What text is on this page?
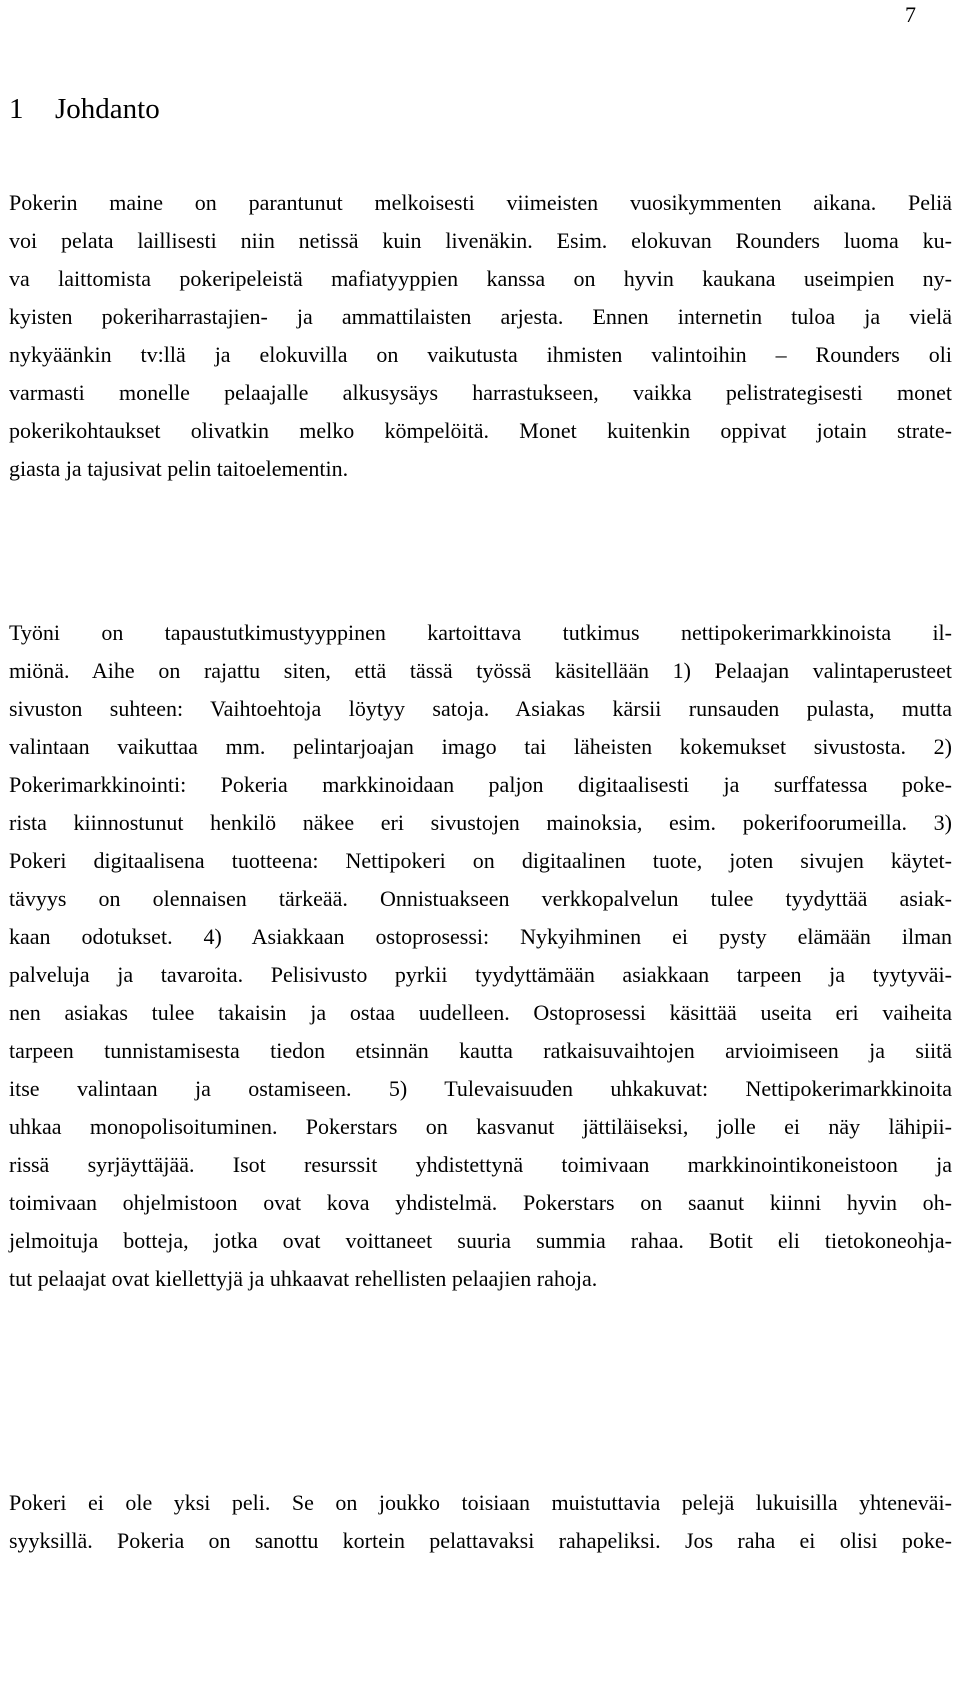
7
1 Johdanto
Pokerin maine on parantunut melkoisesti viimeisten vuosikymmenten aikana. Peliä
voi pelata laillisesti niin netissä kuin livenäkin. Esim. elokuvan Rounders luoma ku-
va laittomista pokeripeleistä mafiatyyppien kanssa on hyvin kaukana useimpien ny-
kyisten pokeriharrastajien- ja ammattilaisten arjesta. Ennen internetin tuloa ja vielä
nykyäänkin tv:llä ja elokuvilla on vaikutusta ihmisten valintoihin – Rounders oli
varmasti monelle pelaajalle alkusysäys harrastukseen, vaikka pelistrategisesti monet
pokerikohtaukset olivatkin melko kömpelöitä. Monet kuitenkin oppivat jotain strate-
giasta ja tajusivat pelin taitoelementin.
Työni on tapaustutkimustyyppinen kartoittava tutkimus nettipokerimarkkinoista il-
miönä. Aihe on rajattu siten, että tässä työssä käsitellään 1) Pelaajan valintaperusteet
sivuston suhteen: Vaihtoehtoja löytyy satoja. Asiakas kärsii runsauden pulasta, mutta
valintaan vaikuttaa mm. pelintarjoajan imago tai läheisten kokemukset sivustosta. 2)
Pokerimarkkinointi: Pokeria markkinoidaan paljon digitaalisesti ja surffatessa poke-
rista kiinnostunut henkilö näkee eri sivustojen mainoksia, esim. pokerifoorumeilla. 3)
Pokeri digitaalisena tuotteena: Nettipokeri on digitaalinen tuote, joten sivujen käytet-
tävyys on olennaisen tärkeää. Onnistuakseen verkkopalvelun tulee tyydyttää asiak-
kaan odotukset. 4) Asiakkaan ostoprosessi: Nykyihminen ei pysty elämään ilman
palveluja ja tavaroita. Pelisivusto pyrkii tyydyttämään asiakkaan tarpeen ja tyytyväi-
nen asiakas tulee takaisin ja ostaa uudelleen. Ostoprosessi käsittää useita eri vaiheita
tarpeen tunnistamisesta tiedon etsinnän kautta ratkaisuvaihtojen arvioimiseen ja siitä
itse valintaan ja ostamiseen. 5) Tulevaisuuden uhkakuvat: Nettipokerimarkkinoita
uhkaa monopolisoituminen. Pokerstars on kasvanut jättiläiseksi, jolle ei näy lähipii-
rissä syrjäyttäjää. Isot resurssit yhdistettynä toimivaan markkinointikoneistoon ja
toimivaan ohjelmistoon ovat kova yhdistelmä. Pokerstars on saanut kiinni hyvin oh-
jelmoituja botteja, jotka ovat voittaneet suuria summia rahaa. Botit eli tietokoneohja-
tut pelaajat ovat kiellettyjä ja uhkaavat rehellisten pelaajien rahoja.
Pokeri ei ole yksi peli. Se on joukko toisiaan muistuttavia pelejä lukuisilla yhteneväi-
syyksillä. Pokeria on sanottu kortein pelattavaksi rahapeliksi. Jos raha ei olisi poke-
